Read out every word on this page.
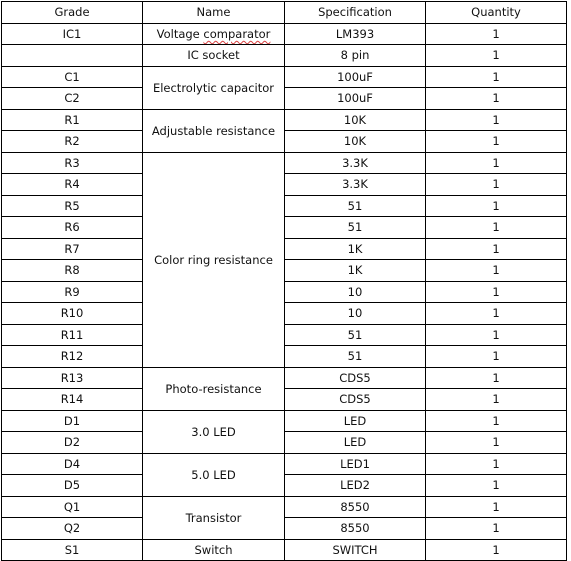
Grade	Name	Specification	Quantity
IC1	Voltage comparator	LM393	1
	IC socket	8 pin	1
C1	Electrolytic capacitor	100uF	1
C2		100uF	1
R1	Adjustable resistance	10K	1
R2		10K	1
R3	Color ring resistance	3.3K	1
R4		3.3K	1
R5		51	1
R6		51	1
R7		1K	1
R8		1K	1
R9		10	1
R10		10	1
R11		51	1
R12		51	1
R13	Photo-resistance	CDS5	1
R14		CDS5	1
D1	3.0 LED	LED	1
D2		LED	1
D4	5.0 LED	LED1	1
D5		LED2	1
Q1	Transistor	8550	1
Q2		8550	1
S1	Switch	SWITCH	1
